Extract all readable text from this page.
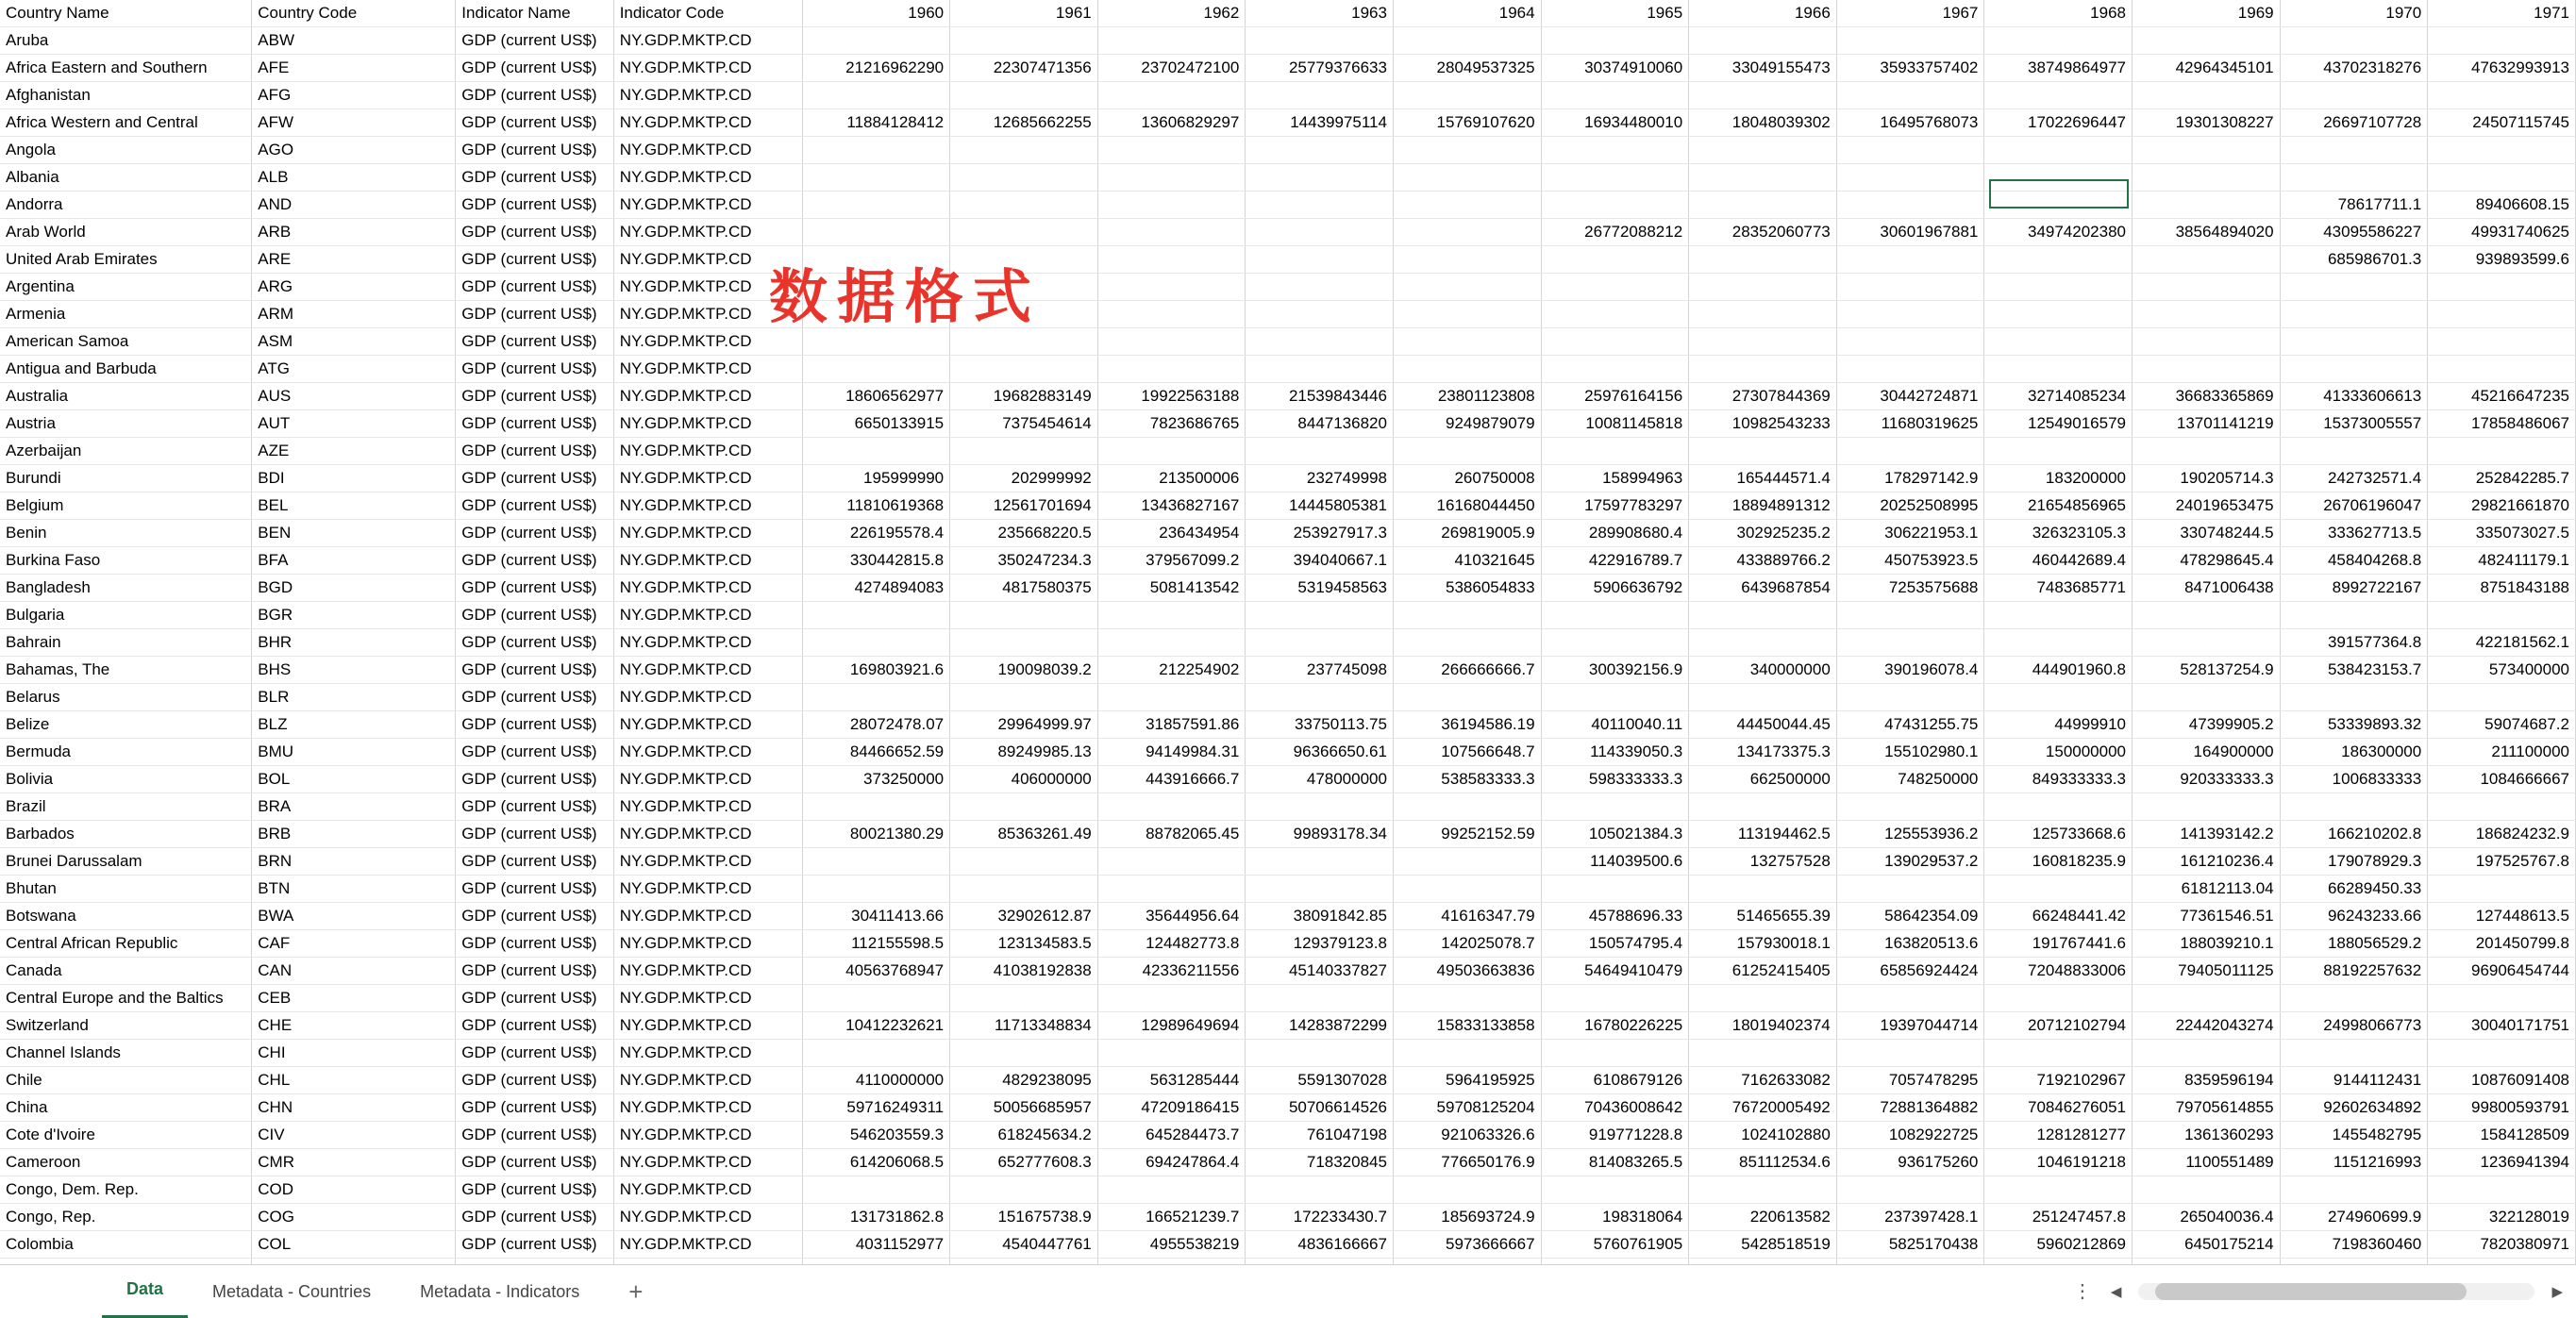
Country Name	Country Code	Indicator Name	Indicator Code	1960	1961	1962	1963	1964	1965	1966	1967	1968	1969	1970	1971
Aruba	ABW	GDP (current US$)	NY.GDP.MKTP.CD												
Africa Eastern and Southern	AFE	GDP (current US$)	NY.GDP.MKTP.CD	21216962290	22307471356	23702472100	25779376633	28049537325	30374910060	33049155473	35933757402	38749864977	42964345101	43702318276	47632993913
Afghanistan	AFG	GDP (current US$)	NY.GDP.MKTP.CD												
Africa Western and Central	AFW	GDP (current US$)	NY.GDP.MKTP.CD	11884128412	12685662255	13606829297	14439975114	15769107620	16934480010	18048039302	16495768073	17022696447	19301308227	26697107728	24507115745
Angola	AGO	GDP (current US$)	NY.GDP.MKTP.CD												
Albania	ALB	GDP (current US$)	NY.GDP.MKTP.CD												
Andorra	AND	GDP (current US$)	NY.GDP.MKTP.CD											78617711.1	89406608.15
Arab World	ARB	GDP (current US$)	NY.GDP.MKTP.CD						26772088212	28352060773	30601967881	34974202380	38564894020	43095586227	49931740625
United Arab Emirates	ARE	GDP (current US$)	NY.GDP.MKTP.CD											685986701.3	939893599.6
Argentina	ARG	GDP (current US$)	NY.GDP.MKTP.CD												
Armenia	ARM	GDP (current US$)	NY.GDP.MKTP.CD												
American Samoa	ASM	GDP (current US$)	NY.GDP.MKTP.CD												
Antigua and Barbuda	ATG	GDP (current US$)	NY.GDP.MKTP.CD												
Australia	AUS	GDP (current US$)	NY.GDP.MKTP.CD	18606562977	19682883149	19922563188	21539843446	23801123808	25976164156	27307844369	30442724871	32714085234	36683365869	41333606613	45216647235
Austria	AUT	GDP (current US$)	NY.GDP.MKTP.CD	6650133915	7375454614	7823686765	8447136820	9249879079	10081145818	10982543233	11680319625	12549016579	13701141219	15373005557	17858486067
Azerbaijan	AZE	GDP (current US$)	NY.GDP.MKTP.CD												
Burundi	BDI	GDP (current US$)	NY.GDP.MKTP.CD	195999990	202999992	213500006	232749998	260750008	158994963	165444571.4	178297142.9	183200000	190205714.3	242732571.4	252842285.7
Belgium	BEL	GDP (current US$)	NY.GDP.MKTP.CD	11810619368	12561701694	13436827167	14445805381	16168044450	17597783297	18894891312	20252508995	21654856965	24019653475	26706196047	29821661870
Benin	BEN	GDP (current US$)	NY.GDP.MKTP.CD	226195578.4	235668220.5	236434954	253927917.3	269819005.9	289908680.4	302925235.2	306221953.1	326323105.3	330748244.5	333627713.5	335073027.5
Burkina Faso	BFA	GDP (current US$)	NY.GDP.MKTP.CD	330442815.8	350247234.3	379567099.2	394040667.1	410321645	422916789.7	433889766.2	450753923.5	460442689.4	478298645.4	458404268.8	482411179.1
Bangladesh	BGD	GDP (current US$)	NY.GDP.MKTP.CD	4274894083	4817580375	5081413542	5319458563	5386054833	5906636792	6439687854	7253575688	7483685771	8471006438	8992722167	8751843188
Bulgaria	BGR	GDP (current US$)	NY.GDP.MKTP.CD												
Bahrain	BHR	GDP (current US$)	NY.GDP.MKTP.CD											391577364.8	422181562.1
Bahamas, The	BHS	GDP (current US$)	NY.GDP.MKTP.CD	169803921.6	190098039.2	212254902	237745098	266666666.7	300392156.9	340000000	390196078.4	444901960.8	528137254.9	538423153.7	573400000
Belarus	BLR	GDP (current US$)	NY.GDP.MKTP.CD												
Belize	BLZ	GDP (current US$)	NY.GDP.MKTP.CD	28072478.07	29964999.97	31857591.86	33750113.75	36194586.19	40110040.11	44450044.45	47431255.75	44999910	47399905.2	53339893.32	59074687.2
Bermuda	BMU	GDP (current US$)	NY.GDP.MKTP.CD	84466652.59	89249985.13	94149984.31	96366650.61	107566648.7	114339050.3	134173375.3	155102980.1	150000000	164900000	186300000	211100000
Bolivia	BOL	GDP (current US$)	NY.GDP.MKTP.CD	373250000	406000000	443916666.7	478000000	538583333.3	598333333.3	662500000	748250000	849333333.3	920333333.3	1006833333	1084666667
Brazil	BRA	GDP (current US$)	NY.GDP.MKTP.CD												
Barbados	BRB	GDP (current US$)	NY.GDP.MKTP.CD	80021380.29	85363261.49	88782065.45	99893178.34	99252152.59	105021384.3	113194462.5	125553936.2	125733668.6	141393142.2	166210202.8	186824232.9
Brunei Darussalam	BRN	GDP (current US$)	NY.GDP.MKTP.CD						114039500.6	132757528	139029537.2	160818235.9	161210236.4	179078929.3	197525767.8
Bhutan	BTN	GDP (current US$)	NY.GDP.MKTP.CD										61812113.04	66289450.33	
Botswana	BWA	GDP (current US$)	NY.GDP.MKTP.CD	30411413.66	32902612.87	35644956.64	38091842.85	41616347.79	45788696.33	51465655.39	58642354.09	66248441.42	77361546.51	96243233.66	127448613.5
Central African Republic	CAF	GDP (current US$)	NY.GDP.MKTP.CD	112155598.5	123134583.5	124482773.8	129379123.8	142025078.7	150574795.4	157930018.1	163820513.6	191767441.6	188039210.1	188056529.2	201450799.8
Canada	CAN	GDP (current US$)	NY.GDP.MKTP.CD	40563768947	41038192838	42336211556	45140337827	49503663836	54649410479	61252415405	65856924424	72048833006	79405011125	88192257632	96906454744
Central Europe and the Baltics	CEB	GDP (current US$)	NY.GDP.MKTP.CD												
Switzerland	CHE	GDP (current US$)	NY.GDP.MKTP.CD	10412232621	11713348834	12989649694	14283872299	15833133858	16780226225	18019402374	19397044714	20712102794	22442043274	24998066773	30040171751
Channel Islands	CHI	GDP (current US$)	NY.GDP.MKTP.CD												
Chile	CHL	GDP (current US$)	NY.GDP.MKTP.CD	4110000000	4829238095	5631285444	5591307028	5964195925	6108679126	7162633082	7057478295	7192102967	8359596194	9144112431	10876091408
China	CHN	GDP (current US$)	NY.GDP.MKTP.CD	59716249311	50056685957	47209186415	50706614526	59708125204	70436008642	76720005492	72881364882	70846276051	79705614855	92602634892	99800593791
Cote d'Ivoire	CIV	GDP (current US$)	NY.GDP.MKTP.CD	546203559.3	618245634.2	645284473.7	761047198	921063326.6	919771228.8	1024102880	1082922725	1281281277	1361360293	1455482795	1584128509
Cameroon	CMR	GDP (current US$)	NY.GDP.MKTP.CD	614206068.5	652777608.3	694247864.4	718320845	776650176.9	814083265.5	851112534.6	936175260	1046191218	1100551489	1151216993	1236941394
Congo, Dem. Rep.	COD	GDP (current US$)	NY.GDP.MKTP.CD												
Congo, Rep.	COG	GDP (current US$)	NY.GDP.MKTP.CD	131731862.8	151675738.9	166521239.7	172233430.7	185693724.9	198318064	220613582	237397428.1	251247457.8	265040036.4	274960699.9	322128019
Colombia	COL	GDP (current US$)	NY.GDP.MKTP.CD	4031152977	4540447761	4955538219	4836166667	5973666667	5760761905	5428518519	5825170438	5960212869	6450175214	7198360460	7820380971

数据格式
Data	Metadata - Countries	Metadata - Indicators	+	⋮ ◀	▶
